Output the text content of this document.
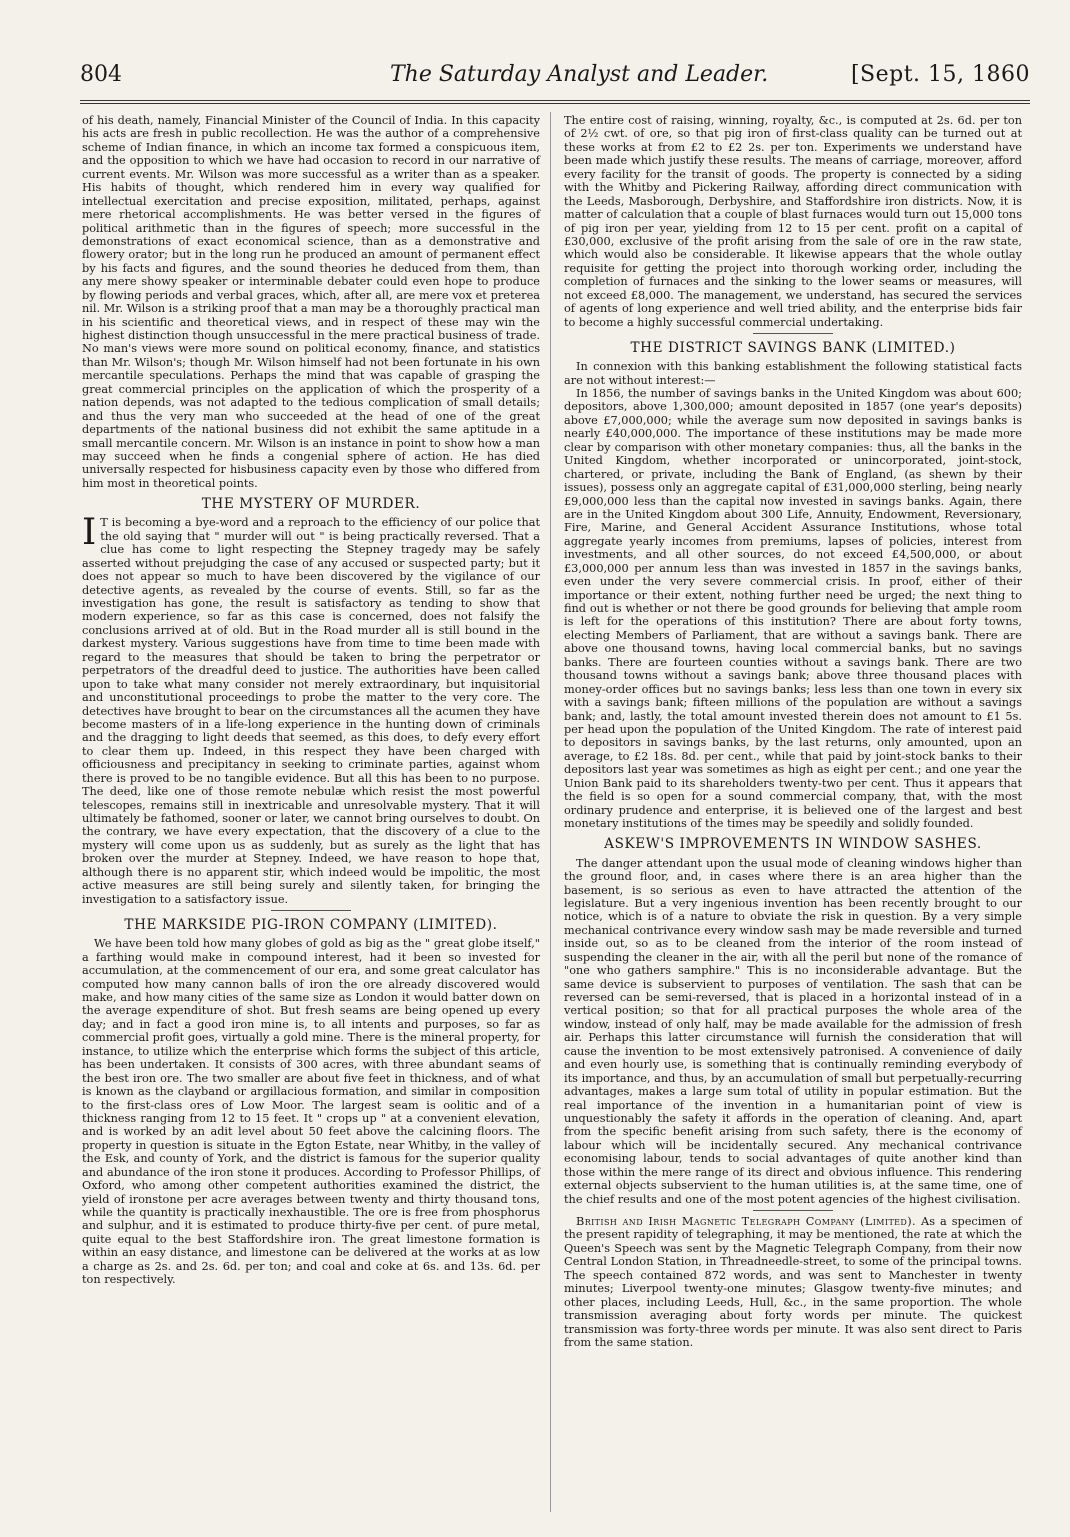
804	The Saturday Analyst and Leader.	[Sept. 15, 1860

of his death, namely, Financial Minister of the Council of India. In this capacity his acts are fresh in public recollection. He was the author of a comprehensive scheme of Indian finance, in which an income tax formed a conspicuous item, and the opposition to which we have had occasion to record in our narrative of current events. Mr. Wilson was more successful as a writer than as a speaker. His habits of thought, which rendered him in every way qualified for intellectual exercitation and precise exposition, militated, perhaps, against mere rhetorical accomplishments. He was better versed in the figures of political arithmetic than in the figures of speech; more successful in the demonstrations of exact economical science, than as a demonstrative and flowery orator; but in the long run he produced an amount of permanent effect by his facts and figures, and the sound theories he deduced from them, than any mere showy speaker or interminable debater could even hope to produce by flowing periods and verbal graces, which, after all, are mere vox et preterea nil. Mr. Wilson is a striking proof that a man may be a thoroughly practical man in his scientific and theoretical views, and in respect of these may win the highest distinction though unsuccessful in the mere practical business of trade. No man's views were more sound on political economy, finance, and statistics than Mr. Wilson's; though Mr. Wilson himself had not been fortunate in his own mercantile speculations. Perhaps the mind that was capable of grasping the great commercial principles on the application of which the prosperity of a nation depends, was not adapted to the tedious complication of small details; and thus the very man who succeeded at the head of one of the great departments of the national business did not exhibit the same aptitude in a small mercantile concern. Mr. Wilson is an instance in point to show how a man may succeed when he finds a congenial sphere of action. He has died universally respected for hisbusiness capacity even by those who differed from him most in theoretical points.

THE MYSTERY OF MURDER.

I T is becoming a bye-word and a reproach to the efficiency of our police that the old saying that " murder will out " is being practically reversed. That a clue has come to light respecting the Stepney tragedy may be safely asserted without prejudging the case of any accused or suspected party; but it does not appear so much to have been discovered by the vigilance of our detective agents, as revealed by the course of events. Still, so far as the investigation has gone, the result is satisfactory as tending to show that modern experience, so far as this case is concerned, does not falsify the conclusions arrived at of old. But in the Road murder all is still bound in the darkest mystery. Various suggestions have from time to time been made with regard to the measures that should be taken to bring the perpetrator or perpetrators of the dreadful deed to justice. The authorities have been called upon to take what many consider not merely extraordinary, but inquisitorial and unconstitutional proceedings to probe the matter to the very core. The detectives have brought to bear on the circumstances all the acumen they have become masters of in a life-long experience in the hunting down of criminals and the dragging to light deeds that seemed, as this does, to defy every effort to clear them up. Indeed, in this respect they have been charged with officiousness and precipitancy in seeking to criminate parties, against whom there is proved to be no tangible evidence. But all this has been to no purpose. The deed, like one of those remote nebulæ which resist the most powerful telescopes, remains still in inextricable and unresolvable mystery. That it will ultimately be fathomed, sooner or later, we cannot bring ourselves to doubt. On the contrary, we have every expectation, that the discovery of a clue to the mystery will come upon us as suddenly, but as surely as the light that has broken over the murder at Stepney. Indeed, we have reason to hope that, although there is no apparent stir, which indeed would be impolitic, the most active measures are still being surely and silently taken, for bringing the investigation to a satisfactory issue.

THE MARKSIDE PIG-IRON COMPANY (LIMITED).

We have been told how many globes of gold as big as the " great globe itself," a farthing would make in compound interest, had it been so invested for accumulation, at the commencement of our era, and some great calculator has computed how many cannon balls of iron the ore already discovered would make, and how many cities of the same size as London it would batter down on the average expenditure of shot. But fresh seams are being opened up every day; and in fact a good iron mine is, to all intents and purposes, so far as commercial profit goes, virtually a gold mine. There is the mineral property, for instance, to utilize which the enterprise which forms the subject of this article, has been undertaken. It consists of 300 acres, with three abundant seams of the best iron ore. The two smaller are about five feet in thickness, and of what is known as the clayband or argillacious formation, and similar in composition to the first-class ores of Low Moor. The largest seam is oolitic and of a thickness ranging from 12 to 15 feet. It " crops up " at a convenient elevation, and is worked by an adit level about 50 feet above the calcining floors. The property in question is situate in the Egton Estate, near Whitby, in the valley of the Esk, and county of York, and the district is famous for the superior quality and abundance of the iron stone it produces. According to Professor Phillips, of Oxford, who among other competent authorities examined the district, the yield of ironstone per acre averages between twenty and thirty thousand tons, while the quantity is practically inexhaustible. The ore is free from phosphorus and sulphur, and it is estimated to produce thirty-five per cent. of pure metal, quite equal to the best Staffordshire iron. The great limestone formation is within an easy distance, and limestone can be delivered at the works at as low a charge as 2s. and 2s. 6d. per ton; and coal and coke at 6s. and 13s. 6d. per ton respectively.

The entire cost of raising, winning, royalty, &c., is computed at 2s. 6d. per ton of 2½ cwt. of ore, so that pig iron of first-class quality can be turned out at these works at from £2 to £2 2s. per ton. Experiments we understand have been made which justify these results. The means of carriage, moreover, afford every facility for the transit of goods. The property is connected by a siding with the Whitby and Pickering Railway, affording direct communication with the Leeds, Masborough, Derbyshire, and Staffordshire iron districts. Now, it is matter of calculation that a couple of blast furnaces would turn out 15,000 tons of pig iron per year, yielding from 12 to 15 per cent. profit on a capital of £30,000, exclusive of the profit arising from the sale of ore in the raw state, which would also be considerable. It likewise appears that the whole outlay requisite for getting the project into thorough working order, including the completion of furnaces and the sinking to the lower seams or measures, will not exceed £8,000. The management, we understand, has secured the services of agents of long experience and well tried ability, and the enterprise bids fair to become a highly successful commercial undertaking.

THE DISTRICT SAVINGS BANK (LIMITED.)

In connexion with this banking establishment the following statistical facts are not without interest:—

In 1856, the number of savings banks in the United Kingdom was about 600; depositors, above 1,300,000; amount deposited in 1857 (one year's deposits) above £7,000,000; while the average sum now deposited in savings banks is nearly £40,000,000. The importance of these institutions may be made more clear by comparison with other monetary companies: thus, all the banks in the United Kingdom, whether incorporated or unincorporated, joint-stock, chartered, or private, including the Bank of England, (as shewn by their issues), possess only an aggregate capital of £31,000,000 sterling, being nearly £9,000,000 less than the capital now invested in savings banks. Again, there are in the United Kingdom about 300 Life, Annuity, Endowment, Reversionary, Fire, Marine, and General Accident Assurance Institutions, whose total aggregate yearly incomes from premiums, lapses of policies, interest from investments, and all other sources, do not exceed £4,500,000, or about £3,000,000 per annum less than was invested in 1857 in the savings banks, even under the very severe commercial crisis. In proof, either of their importance or their extent, nothing further need be urged; the next thing to find out is whether or not there be good grounds for believing that ample room is left for the operations of this institution? There are about forty towns, electing Members of Parliament, that are without a savings bank. There are above one thousand towns, having local commercial banks, but no savings banks. There are fourteen counties without a savings bank. There are two thousand towns without a savings bank; above three thousand places with money-order offices but no savings banks; less less than one town in every six with a savings bank; fifteen millions of the population are without a savings bank; and, lastly, the total amount invested therein does not amount to £1 5s. per head upon the population of the United Kingdom. The rate of interest paid to depositors in savings banks, by the last returns, only amounted, upon an average, to £2 18s. 8d. per cent., while that paid by joint-stock banks to their depositors last year was sometimes as high as eight per cent.; and one year the Union Bank paid to its shareholders twenty-two per cent. Thus it appears that the field is so open for a sound commercial company, that, with the most ordinary prudence and enterprise, it is believed one of the largest and best monetary institutions of the times may be speedily and solidly founded.

ASKEW'S IMPROVEMENTS IN WINDOW SASHES.

The danger attendant upon the usual mode of cleaning windows higher than the ground floor, and, in cases where there is an area higher than the basement, is so serious as even to have attracted the attention of the legislature. But a very ingenious invention has been recently brought to our notice, which is of a nature to obviate the risk in question. By a very simple mechanical contrivance every window sash may be made reversible and turned inside out, so as to be cleaned from the interior of the room instead of suspending the cleaner in the air, with all the peril but none of the romance of "one who gathers samphire." This is no inconsiderable advantage. But the same device is subservient to purposes of ventilation. The sash that can be reversed can be semi-reversed, that is placed in a horizontal instead of in a vertical position; so that for all practical purposes the whole area of the window, instead of only half, may be made available for the admission of fresh air. Perhaps this latter circumstance will furnish the consideration that will cause the invention to be most extensively patronised. A convenience of daily and even hourly use, is something that is continually reminding everybody of its importance, and thus, by an accumulation of small but perpetually-recurring advantages, makes a large sum total of utility in popular estimation. But the real importance of the invention in a humanitarian point of view is unquestionably the safety it affords in the operation of cleaning. And, apart from the specific benefit arising from such safety, there is the economy of labour which will be incidentally secured. Any mechanical contrivance economising labour, tends to social advantages of quite another kind than those within the mere range of its direct and obvious influence. This rendering external objects subservient to the human utilities is, at the same time, one of the chief results and one of the most potent agencies of the highest civilisation.

British and Irish Magnetic Telegraph Company (Limited). As a specimen of the present rapidity of telegraphing, it may be mentioned, the rate at which the Queen's Speech was sent by the Magnetic Telegraph Company, from their now Central London Station, in Threadneedle-street, to some of the principal towns. The speech contained 872 words, and was sent to Manchester in twenty minutes; Liverpool twenty-one minutes; Glasgow twenty-five minutes; and other places, including Leeds, Hull, &c., in the same proportion. The whole transmission averaging about forty words per minute. The quickest transmission was forty-three words per minute. It was also sent direct to Paris from the same station.
